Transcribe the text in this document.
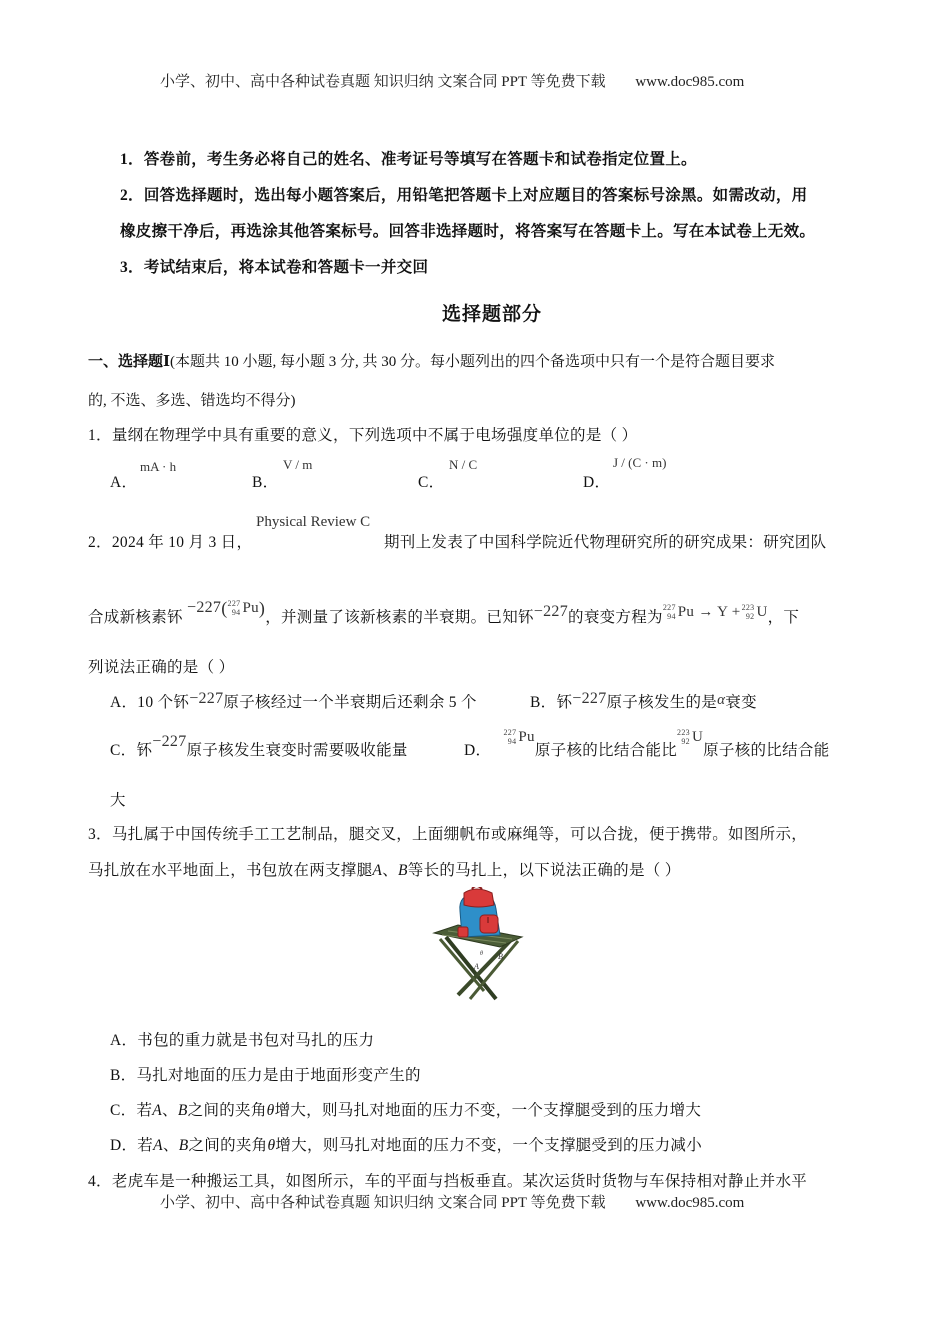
小学、初中、高中各种试卷真题 知识归纳 文案合同 PPT 等免费下载 www.doc985.com
1．答卷前，考生务必将自己的姓名、准考证号等填写在答题卡和试卷指定位置上。
2．回答选择题时，选出每小题答案后，用铅笔把答题卡上对应题目的答案标号涂黑。如需改动，用
橡皮擦干净后，再选涂其他答案标号。回答非选择题时，将答案写在答题卡上。写在本试卷上无效。
3．考试结束后，将本试卷和答题卡一并交回
选择题部分
一、选择题Ⅰ(本题共 10 小题, 每小题 3 分, 共 30 分。每小题列出的四个备选项中只有一个是符合题目要求
的, 不选、多选、错选均不得分)
1．量纲在物理学中具有重要的意义，下列选项中不属于电场强度单位的是（ ）
A．
mA · h
B．
V / m
C．
N / C
D．
J / (C · m)
2．2024 年 10 月 3 日，
Physical Review C
期刊上发表了中国科学院近代物理研究所的研究成果：研究团队
合成新核素钚 −227( 227
94 Pu)，并测量了该新核素的半衰期。已知钚−227的衰变方程为
227
94 Pu → Y + 223
92 U，下
列说法正确的是（ ）
A．10 个钚−227原子核经过一个半衰期后还剩余 5 个	B．钚−227原子核发生的是α衰变
C．钚−227原子核发生衰变时需要吸收能量	D．
227
94 Pu原子核的比结合能比
223
92 U原子核的比结合能
大
3．马扎属于中国传统手工工艺制品，腿交叉，上面绷帆布或麻绳等，可以合拢，便于携带。如图所示，
马扎放在水平地面上，书包放在两支撑腿A、B等长的马扎上，以下说法正确的是（ ）
θ
A
B
A．书包的重力就是书包对马扎的压力
B．马扎对地面的压力是由于地面形变产生的
C．若A、B之间的夹角θ增大，则马扎对地面的压力不变，一个支撑腿受到的压力增大
D．若A、B之间的夹角θ增大，则马扎对地面的压力不变，一个支撑腿受到的压力减小
4．老虎车是一种搬运工具，如图所示，车的平面与挡板垂直。某次运货时货物与车保持相对静止并水平
小学、初中、高中各种试卷真题 知识归纳 文案合同 PPT 等免费下载 www.doc985.com
